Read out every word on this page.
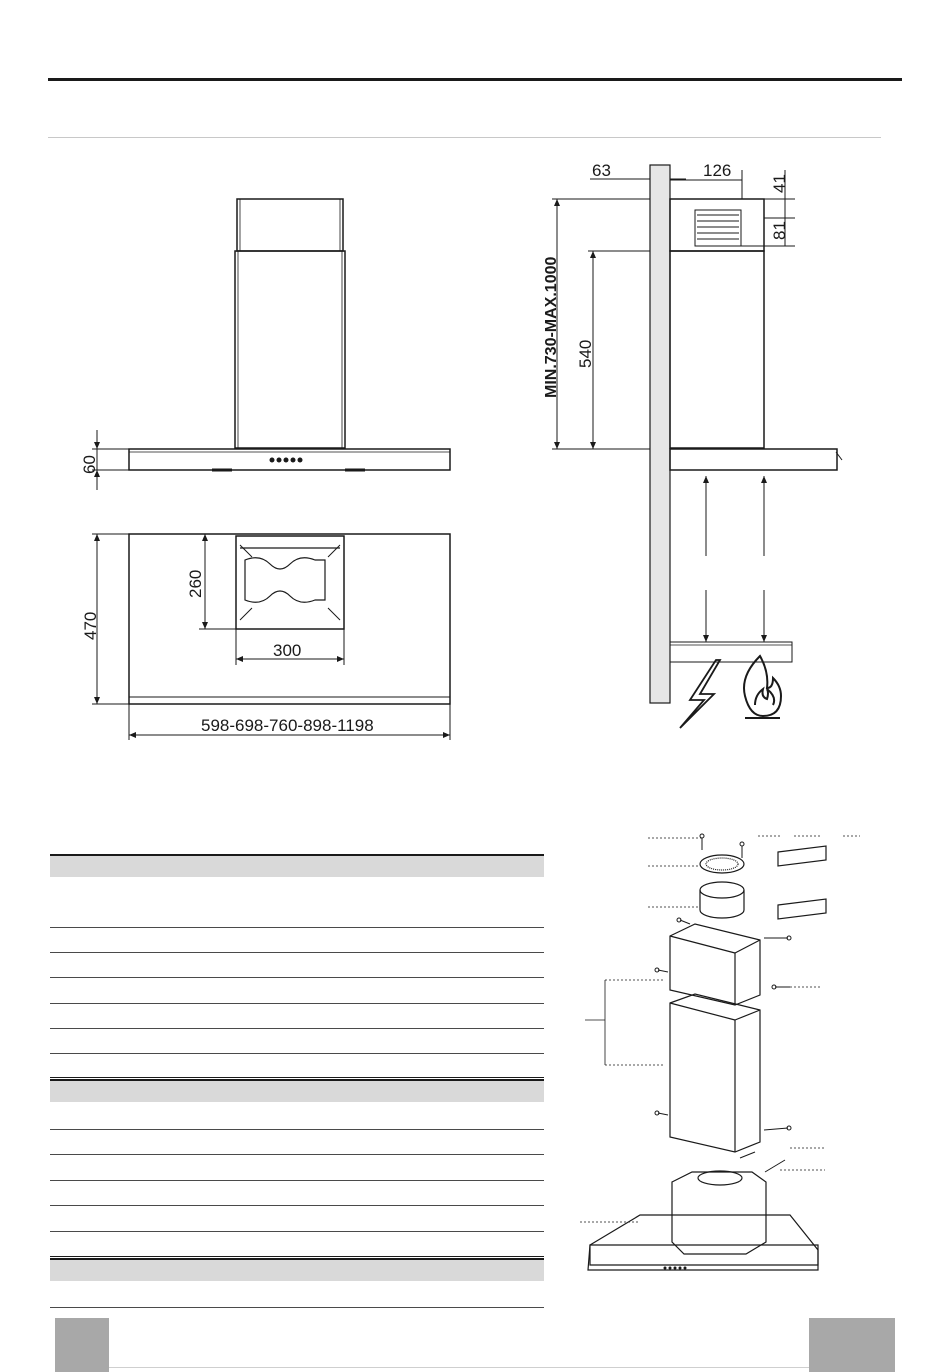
60
470
260
300
598-698-760-898-1198
63	126
41
81
MIN.730-MAX.1000 540
